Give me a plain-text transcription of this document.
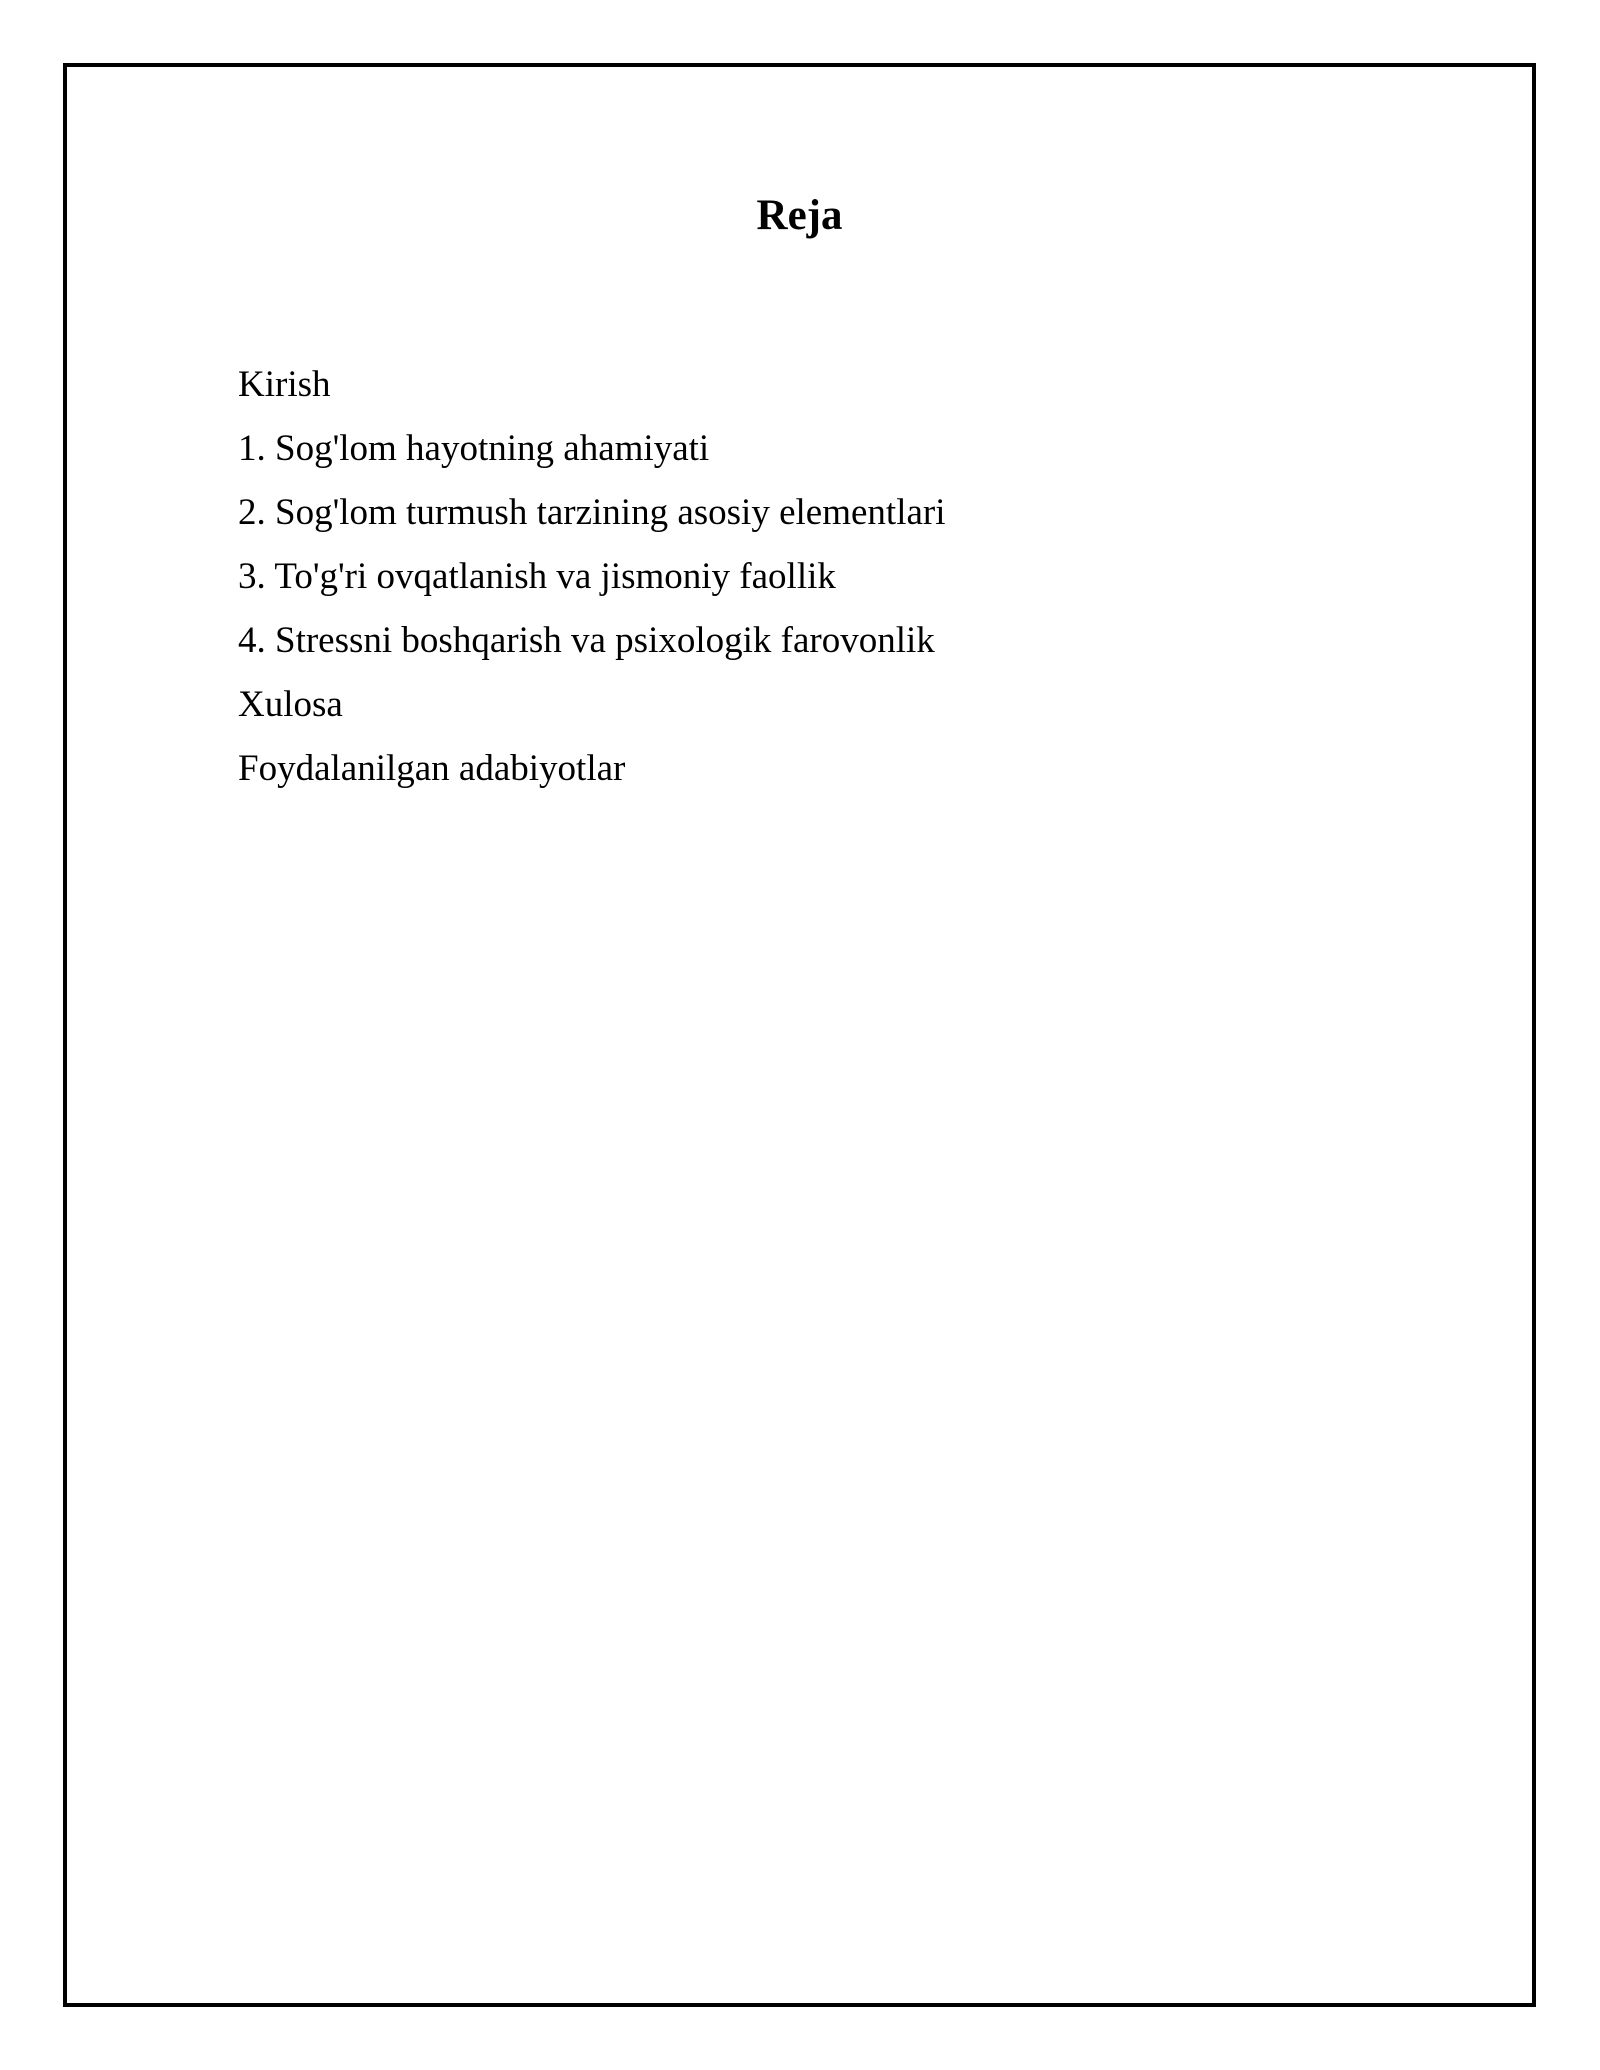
Reja
Kirish
1. Sog'lom hayotning ahamiyati
2. Sog'lom turmush tarzining asosiy elementlari
3. To'g'ri ovqatlanish va jismoniy faollik
4. Stressni boshqarish va psixologik farovonlik
Xulosa
Foydalanilgan adabiyotlar
